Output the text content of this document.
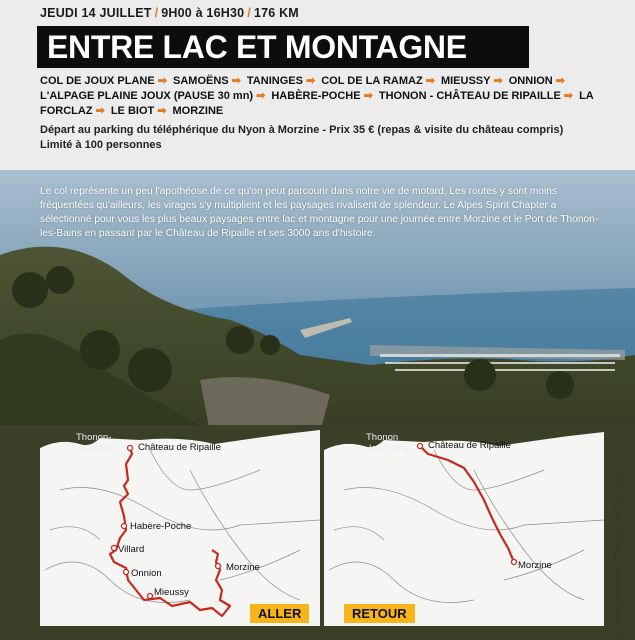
JEUDI 14 JUILLET / 9H00 à 16H30 / 176 KM
ENTRE LAC ET MONTAGNE
COL DE JOUX PLANE ➡ SAMOËNS ➡ TANINGES ➡ COL DE LA RAMAZ ➡ MIEUSSY ➡ ONNION ➡ L'ALPAGE PLAINE JOUX (PAUSE 30 mn) ➡ HABÈRE-POCHE ➡ THONON - CHÂTEAU DE RIPAILLE ➡ LA FORCLAZ ➡ LE BIOT ➡ MORZINE
Départ au parking du téléphérique du Nyon à Morzine - Prix 35 € (repas & visite du château compris)
Limité à 100 personnes
Le col représente un peu l'apothéose de ce qu'on peut parcourir dans notre vie de motard. Les routes y sont moins fréquentées qu'ailleurs, les virages s'y multiplient et les paysages rivalisent de splendeur. Le Alpes Spirit Chapter a sélectionné pour vous les plus beaux paysages entre lac et montagne pour une journée entre Morzine et le Port de Thonon-les-Bains en passant par le Château de Ripaille et ses 3000 ans d'histoire.
Thonon-
les-Bains Château de Ripaille
Habère-Poche
Villard
Onnion
Mieussy
Morzine
ALLER
Thonon
-les-Bains Château de Ripaille
Morzine
RETOUR	Sémaphore Photographie / Office de tourisme de Thonon
